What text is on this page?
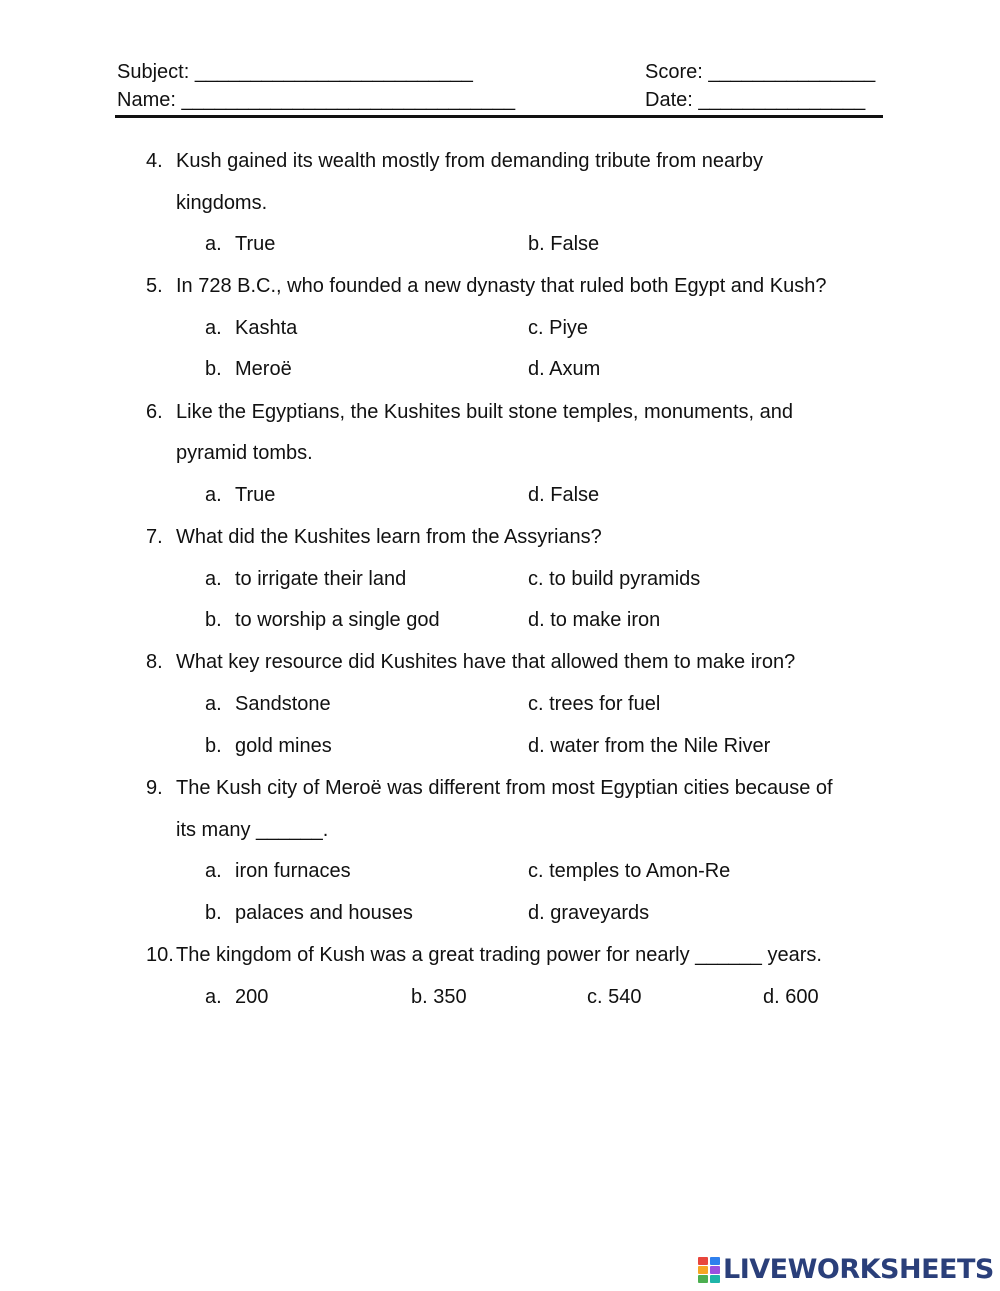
Subject: _________________________
Name: ______________________________
Score: _______________
Date: _______________
4. Kush gained its wealth mostly from demanding tribute from nearby
kingdoms.
a. True	b. False
5. In 728 B.C., who founded a new dynasty that ruled both Egypt and Kush?
a. Kashta	c. Piye
b. Meroë	d. Axum
6. Like the Egyptians, the Kushites built stone temples, monuments, and
pyramid tombs.
a. True	d. False
7. What did the Kushites learn from the Assyrians?
a. to irrigate their land	c. to build pyramids
b. to worship a single god	d. to make iron
8. What key resource did Kushites have that allowed them to make iron?
a. Sandstone	c. trees for fuel
b. gold mines	d. water from the Nile River
9. The Kush city of Meroë was different from most Egyptian cities because of
its many ______.
a. iron furnaces	c. temples to Amon-Re
b. palaces and houses	d. graveyards
10. The kingdom of Kush was a great trading power for nearly ______ years.
a. 200	b. 350	c. 540	d. 600
LIVEWORKSHEETS
